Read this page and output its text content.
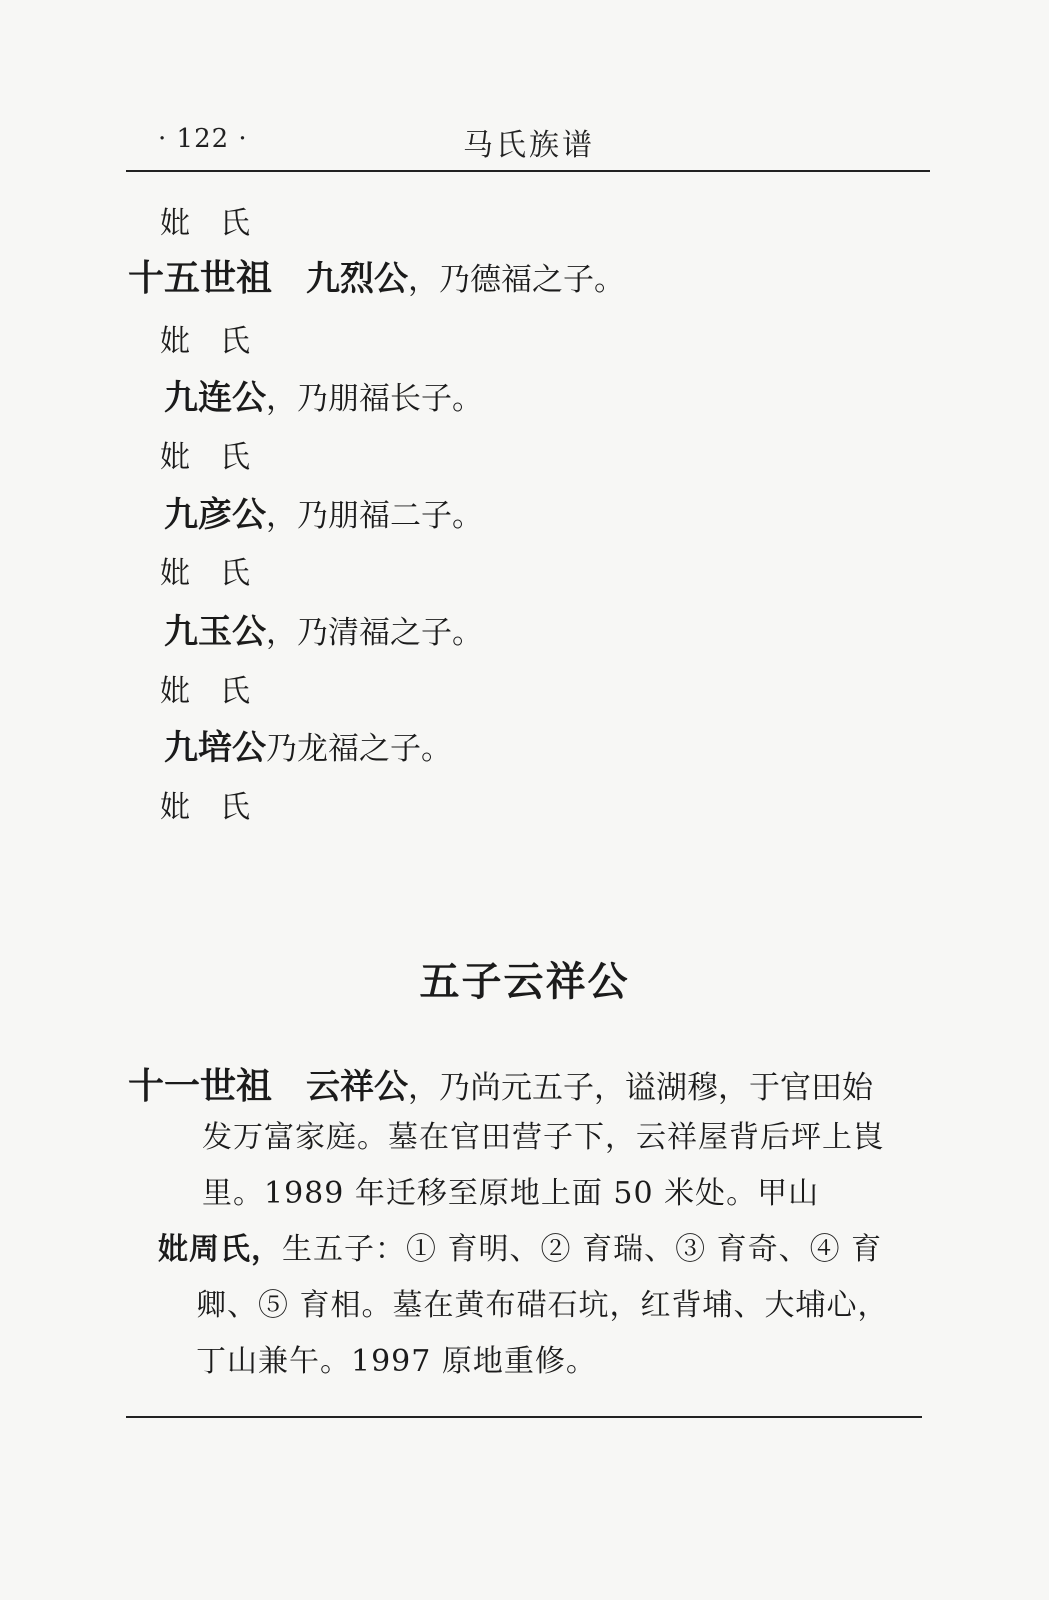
· 122 ·	马氏族谱
妣　氏
十五世祖 九烈公，乃德福之子。
妣　氏
九连公，乃朋福长子。
妣　氏
九彦公，乃朋福二子。
妣　氏
九玉公，乃清福之子。
妣　氏
九培公乃龙福之子。
妣　氏
五子云祥公
十一世祖 云祥公，乃尚元五子，谥湖穆，于官田始
发万富家庭。墓在官田营子下，云祥屋背后坪上崀
里。1989 年迁移至原地上面 50 米处。甲山
妣周氏，生五子：① 育明、② 育瑞、③ 育奇、④ 育
卿、⑤ 育相。墓在黄布碏石坑，红背埔、大埔心，
丁山兼午。1997 原地重修。
